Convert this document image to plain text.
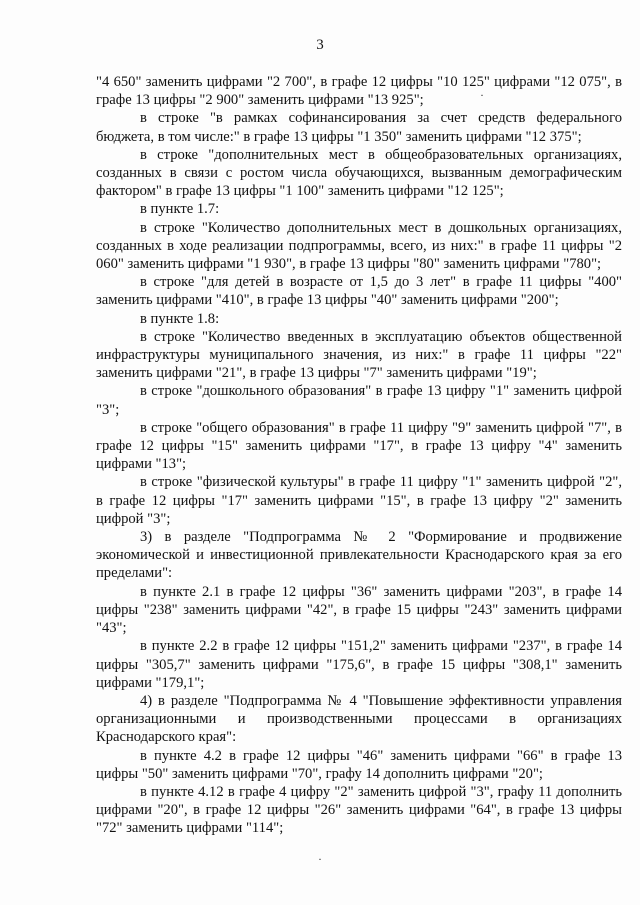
3

"4 650" заменить цифрами "2 700", в графе 12 цифры "10 125" цифрами "12 075", в графе 13 цифры "2 900" заменить цифрами "13 925";

в строке "в рамках софинансирования за счет средств федерального бюджета, в том числе:" в графе 13 цифры "1 350" заменить цифрами "12 375";

в строке "дополнительных мест в общеобразовательных организациях, созданных в связи с ростом числа обучающихся, вызванным демографическим фактором" в графе 13 цифры "1 100" заменить цифрами "12 125";

в пункте 1.7:

в строке "Количество дополнительных мест в дошкольных организациях, созданных в ходе реализации подпрограммы, всего, из них:" в графе 11 цифры "2 060" заменить цифрами "1 930", в графе 13 цифры "80" заменить цифрами "780";

в строке "для детей в возрасте от 1,5 до 3 лет" в графе 11 цифры "400" заменить цифрами "410", в графе 13 цифры "40" заменить цифрами "200";

в пункте 1.8:

в строке "Количество введенных в эксплуатацию объектов общественной инфраструктуры муниципального значения, из них:" в графе 11 цифры "22" заменить цифрами "21", в графе 13 цифры "7" заменить цифрами "19";

в строке "дошкольного образования" в графе 13 цифру "1" заменить цифрой "3";

в строке "общего образования" в графе 11 цифру "9" заменить цифрой "7", в графе 12 цифры "15" заменить цифрами "17", в графе 13 цифру "4" заменить цифрами "13";

в строке "физической культуры" в графе 11 цифру "1" заменить цифрой "2", в графе 12 цифры "17" заменить цифрами "15", в графе 13 цифру "2" заменить цифрой "3";

3) в разделе "Подпрограмма № 2 "Формирование и продвижение экономической и инвестиционной привлекательности Краснодарского края за его пределами":

в пункте 2.1 в графе 12 цифры "36" заменить цифрами "203", в графе 14 цифры "238" заменить цифрами "42", в графе 15 цифры "243" заменить цифрами "43";

в пункте 2.2 в графе 12 цифры "151,2" заменить цифрами "237", в графе 14 цифры "305,7" заменить цифрами "175,6", в графе 15 цифры "308,1" заменить цифрами "179,1";

4) в разделе "Подпрограмма № 4 "Повышение эффективности управления организационными и производственными процессами в организациях Краснодарского края":

в пункте 4.2 в графе 12 цифры "46" заменить цифрами "66" в графе 13 цифры "50" заменить цифрами "70", графу 14 дополнить цифрами "20";

в пункте 4.12 в графе 4 цифру "2" заменить цифрой "3", графу 11 дополнить цифрами "20", в графе 12 цифры "26" заменить цифрами "64", в графе 13 цифры "72" заменить цифрами "114";

·
·
